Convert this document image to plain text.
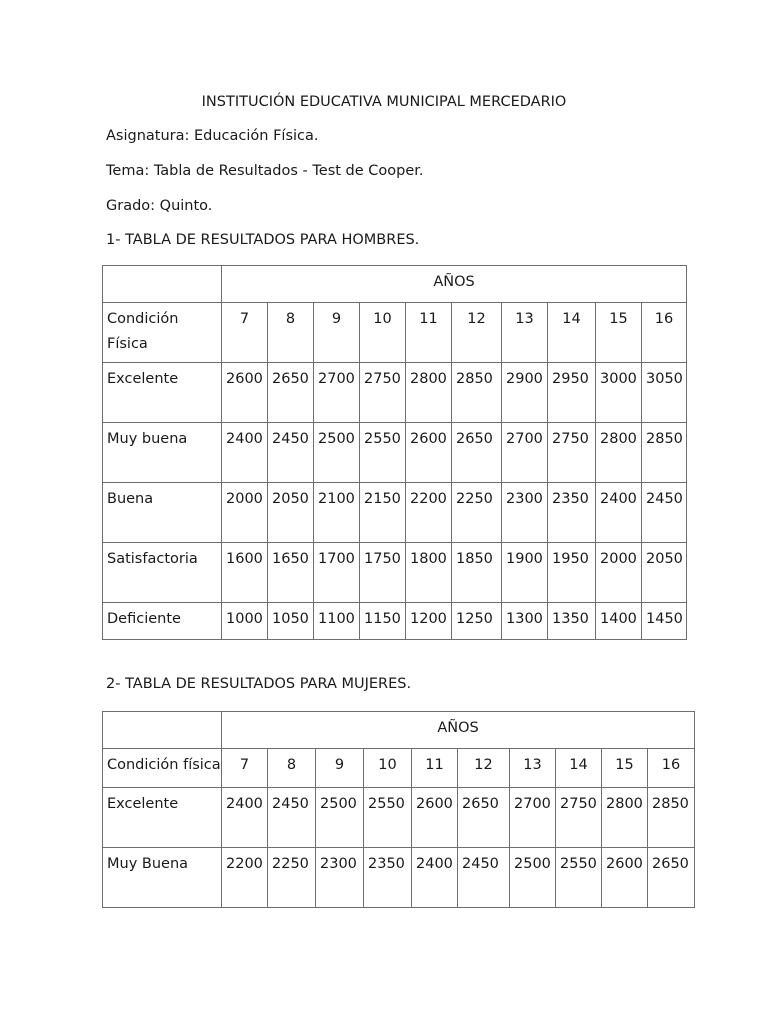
INSTITUCIÓN EDUCATIVA MUNICIPAL MERCEDARIO
Asignatura: Educación Física.
Tema: Tabla de Resultados - Test de Cooper.
Grado: Quinto.
1- TABLA DE RESULTADOS PARA HOMBRES.
	AÑOS									
Condición Física	7	8	9	10	11	12	13	14	15	16
Excelente	2600	2650	2700	2750	2800	2850	2900	2950	3000	3050
Muy buena	2400	2450	2500	2550	2600	2650	2700	2750	2800	2850
Buena	2000	2050	2100	2150	2200	2250	2300	2350	2400	2450
Satisfactoria	1600	1650	1700	1750	1800	1850	1900	1950	2000	2050
Deficiente	1000	1050	1100	1150	1200	1250	1300	1350	1400	1450
2- TABLA DE RESULTADOS PARA MUJERES.
	AÑOS									
Condición física	7	8	9	10	11	12	13	14	15	16
Excelente	2400	2450	2500	2550	2600	2650	2700	2750	2800	2850
Muy Buena	2200	2250	2300	2350	2400	2450	2500	2550	2600	2650
